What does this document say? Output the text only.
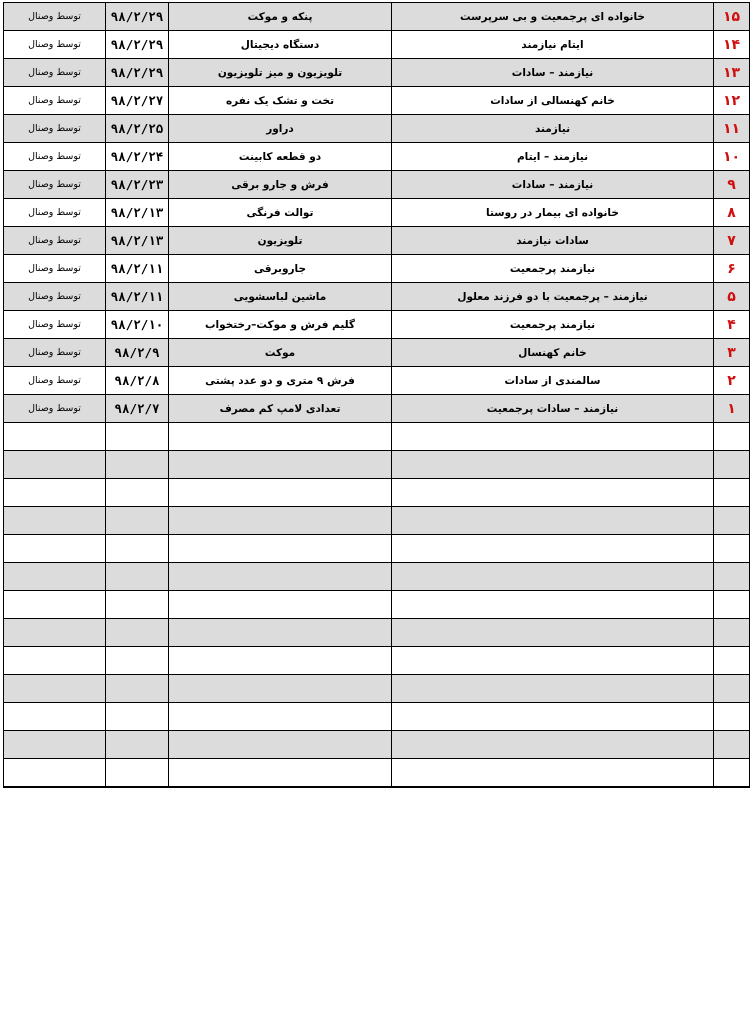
۱۵	خانواده ای پرجمعیت و بی سرپرست	پنکه و موکت	۹۸/۲/۲۹	توسط وصنال
۱۴	ایتام نیازمند	دستگاه دیجیتال	۹۸/۲/۲۹	توسط وصنال
۱۳	نیازمند – سادات	تلویزیون و میز تلویزیون	۹۸/۲/۲۹	توسط وصنال
۱۲	خانم کهنسالی از سادات	تخت و تشک یک نفره	۹۸/۲/۲۷	توسط وصنال
۱۱	نیازمند	دراور	۹۸/۲/۲۵	توسط وصنال
۱۰	نیازمند – ایتام	دو قطعه کابینت	۹۸/۲/۲۴	توسط وصنال
۹	نیازمند – سادات	فرش و جارو برقی	۹۸/۲/۲۳	توسط وصنال
۸	خانواده ای بیمار در روستا	توالت فرنگی	۹۸/۲/۱۳	توسط وصنال
۷	سادات نیازمند	تلویزیون	۹۸/۲/۱۳	توسط وصنال
۶	نیازمند پرجمعیت	جاروبرقی	۹۸/۲/۱۱	توسط وصنال
۵	نیازمند – پرجمعیت با دو فرزند معلول	ماشین لباسشویی	۹۸/۲/۱۱	توسط وصنال
۴	نیازمند پرجمعیت	گلیم فرش و موکت–رختخواب	۹۸/۲/۱۰	توسط وصنال
۳	خانم کهنسال	موکت	۹۸/۲/۹	توسط وصنال
۲	سالمندی از سادات	فرش ۹ متری و دو عدد پشتی	۹۸/۲/۸	توسط وصنال
۱	نیازمند – سادات پرجمعیت	تعدادی لامپ کم مصرف	۹۸/۲/۷	توسط وصنال
